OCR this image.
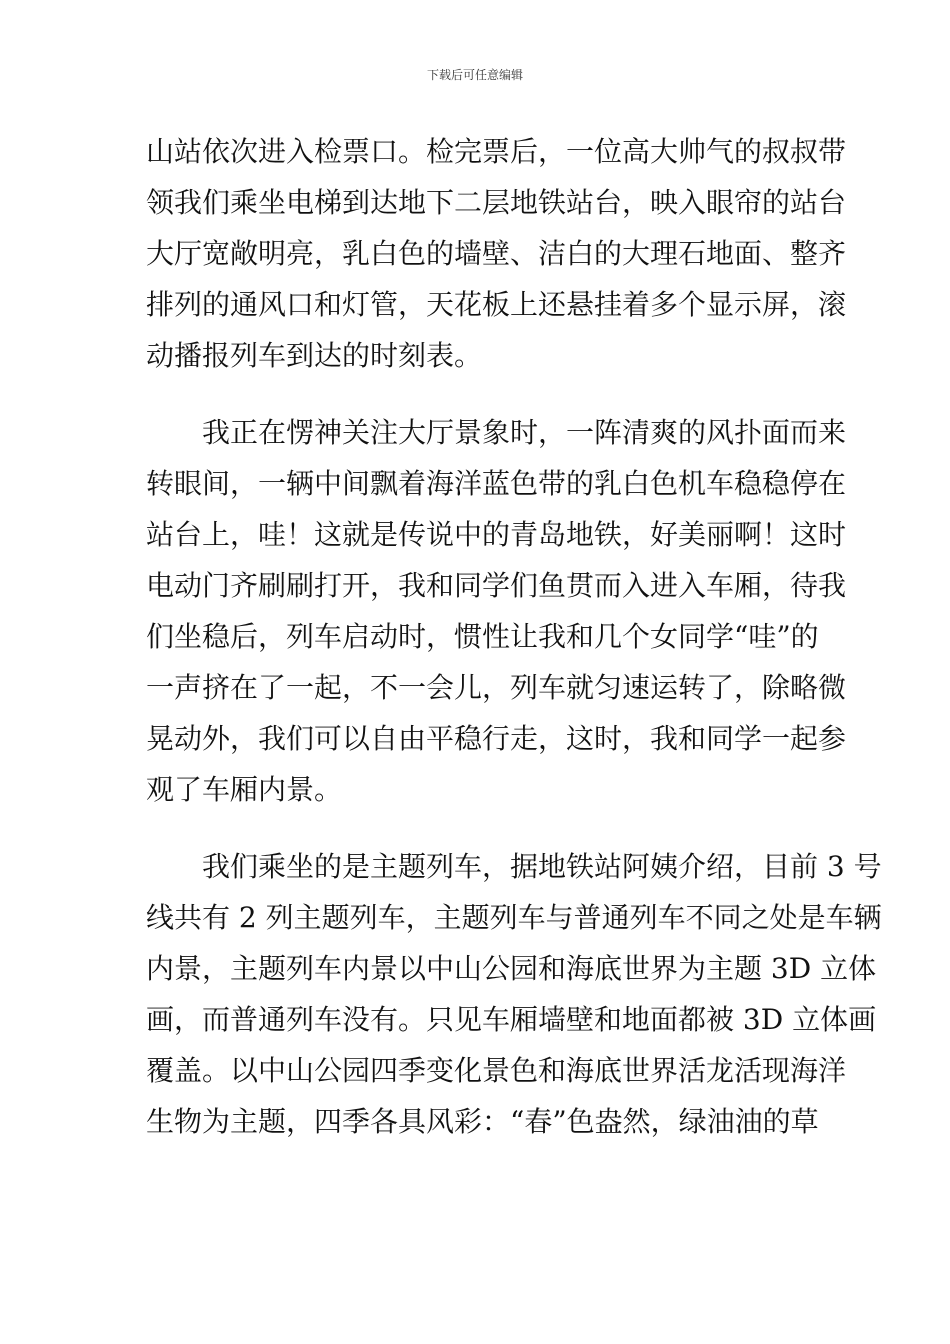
下载后可任意编辑
山站依次进入检票口。检完票后，一位高大帅气的叔叔带
领我们乘坐电梯到达地下二层地铁站台，映入眼帘的站台
大厅宽敞明亮，乳白色的墙壁、洁白的大理石地面、整齐
排列的通风口和灯管，天花板上还悬挂着多个显示屏，滚
动播报列车到达的时刻表。
我正在愣神关注大厅景象时，一阵清爽的风扑面而来
转眼间，一辆中间飘着海洋蓝色带的乳白色机车稳稳停在
站台上，哇！这就是传说中的青岛地铁，好美丽啊！这时
电动门齐刷刷打开，我和同学们鱼贯而入进入车厢，待我
们坐稳后，列车启动时，惯性让我和几个女同学“哇”的
一声挤在了一起，不一会儿，列车就匀速运转了，除略微
晃动外，我们可以自由平稳行走，这时，我和同学一起参
观了车厢内景。
我们乘坐的是主题列车，据地铁站阿姨介绍，目前 3 号
线共有 2 列主题列车，主题列车与普通列车不同之处是车辆
内景，主题列车内景以中山公园和海底世界为主题 3D 立体
画，而普通列车没有。只见车厢墙壁和地面都被 3D 立体画
覆盖。以中山公园四季变化景色和海底世界活龙活现海洋
生物为主题，四季各具风彩：“春”色盎然，绿油油的草
